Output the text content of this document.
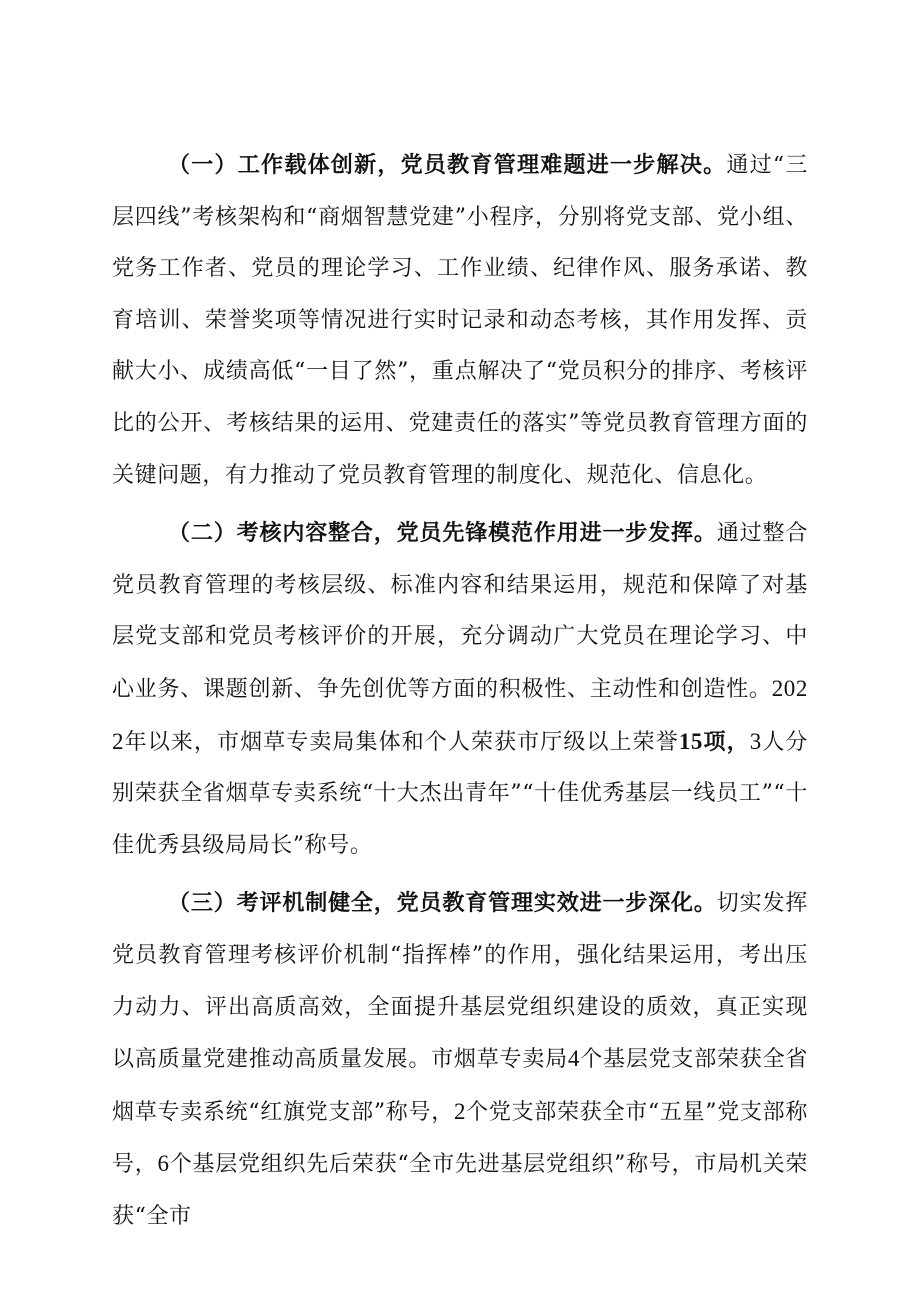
（一）工作载体创新，党员教育管理难题进一步解决。通过“三层四线”考核架构和“商烟智慧党建”小程序，分别将党支部、党小组、党务工作者、党员的理论学习、工作业绩、纪律作风、服务承诺、教育培训、荣誉奖项等情况进行实时记录和动态考核，其作用发挥、贡献大小、成绩高低“一目了然”，重点解决了“党员积分的排序、考核评比的公开、考核结果的运用、党建责任的落实”等党员教育管理方面的关键问题，有力推动了党员教育管理的制度化、规范化、信息化。

（二）考核内容整合，党员先锋模范作用进一步发挥。通过整合党员教育管理的考核层级、标准内容和结果运用，规范和保障了对基层党支部和党员考核评价的开展，充分调动广大党员在理论学习、中心业务、课题创新、争先创优等方面的积极性、主动性和创造性。2022年以来，市烟草专卖局集体和个人荣获市厅级以上荣誉15项，3人分别荣获全省烟草专卖系统“十大杰出青年”“十佳优秀基层一线员工”“十佳优秀县级局局长”称号。

（三）考评机制健全，党员教育管理实效进一步深化。切实发挥党员教育管理考核评价机制“指挥棒”的作用，强化结果运用，考出压力动力、评出高质高效，全面提升基层党组织建设的质效，真正实现以高质量党建推动高质量发展。市烟草专卖局4个基层党支部荣获全省烟草专卖系统“红旗党支部”称号，2个党支部荣获全市“五星”党支部称号，6个基层党组织先后荣获“全市先进基层党组织”称号，市局机关荣获“全市
